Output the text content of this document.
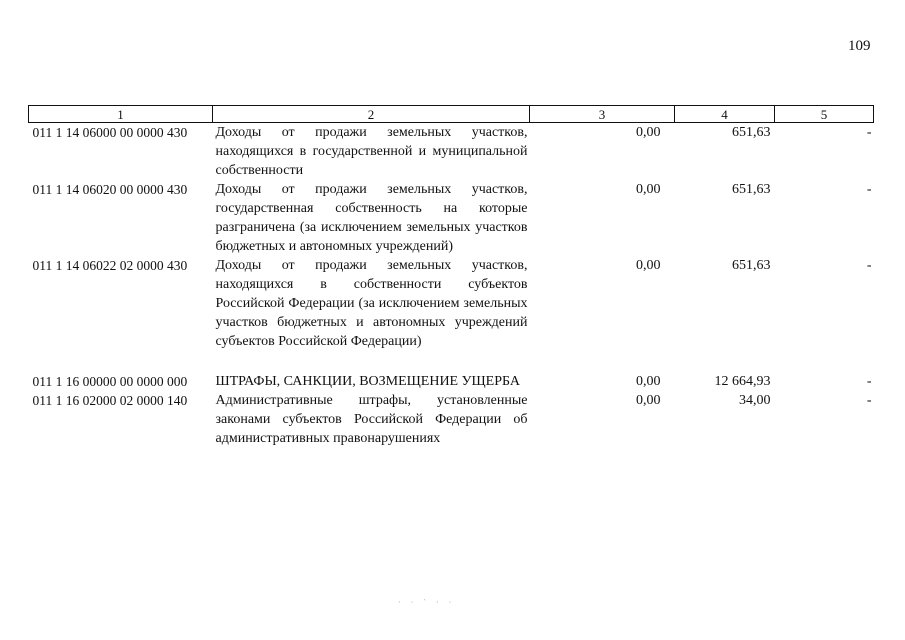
109
1	2	3	4	5
011 1 14 06000 00 0000 430	Доходы от продажи земельных участков, находящихся в государственной и муниципальной собственности	0,00	651,63	-
011 1 14 06020 00 0000 430	Доходы от продажи земельных участков, государственная собственность на которые разграничена (за исключением земельных участков бюджетных и автономных учреждений)	0,00	651,63	-
011 1 14 06022 02 0000 430	Доходы от продажи земельных участков, находящихся в собственности субъектов Российской Федерации (за исключением земельных участков бюджетных и автономных учреждений субъектов Российской Федерации)	0,00	651,63	-

011 1 16 00000 00 0000 000	ШТРАФЫ, САНКЦИИ, ВОЗМЕЩЕНИЕ УЩЕРБА	0,00	12 664,93	-
011 1 16 02000 02 0000 140	Административные штрафы, установленные законами субъектов Российской Федерации об административных правонарушениях	0,00	34,00	-
· · ˋ · ·
